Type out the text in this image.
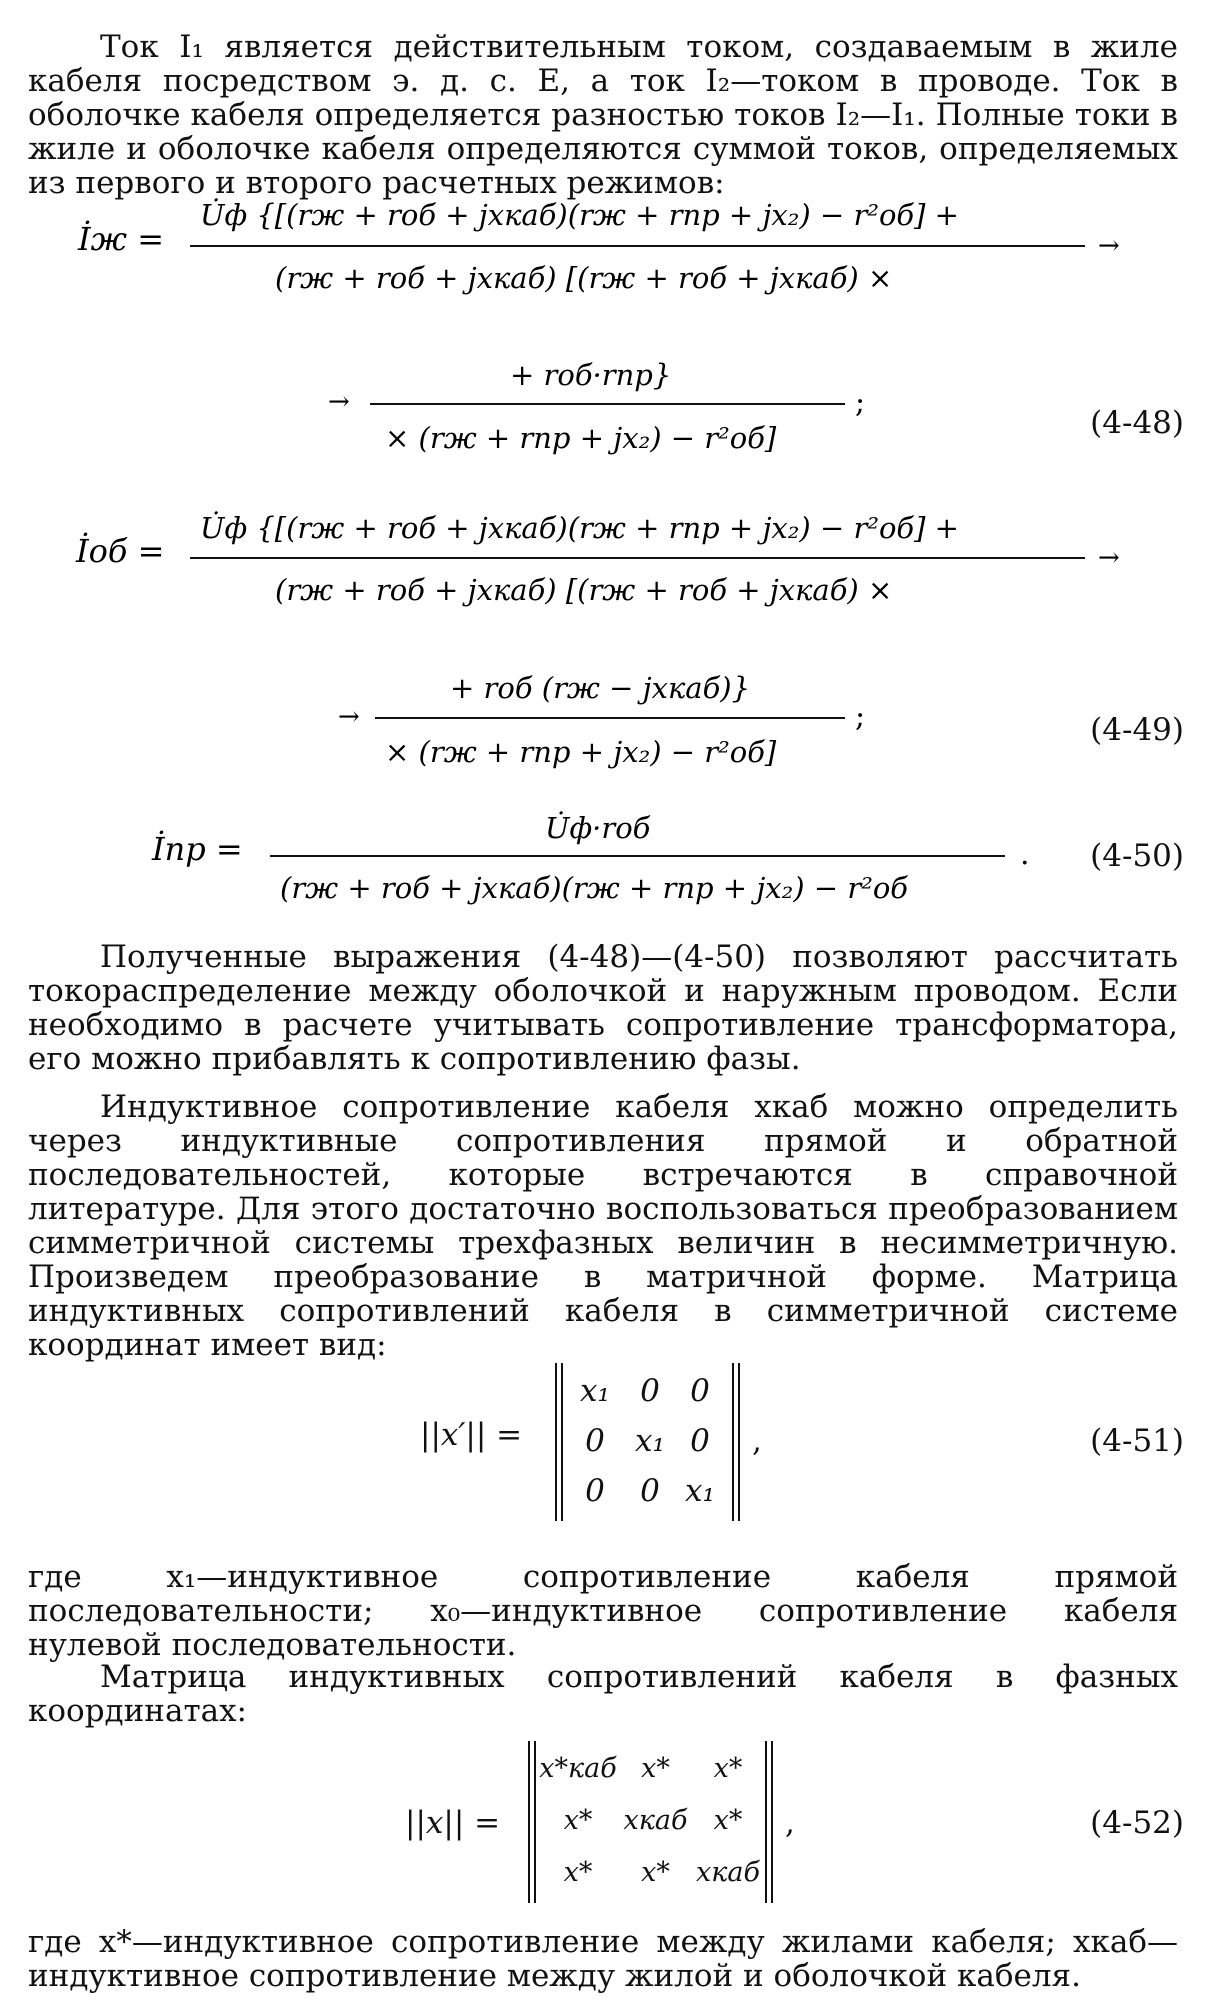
Ток I₁ является действительным током, создаваемым в жиле кабеля посредством э. д. с. E, а ток I₂—током в проводе. Ток в оболочке кабеля определяется разностью токов I₂—I₁. Полные токи в жиле и оболочке кабеля определяются суммой токов, определяемых из первого и второго расчетных режимов:

İж =
U̇ф {[(rж + rоб + jxкаб)(rж + rпр + jx₂) − r²об] +
→
(rж + rоб + jxкаб) [(rж + rоб + jxкаб) ×
→
+ rоб·rпр}
;
× (rж + rпр + jx₂) − r²об]	(4-48)
İоб =
U̇ф {[(rж + rоб + jxкаб)(rж + rпр + jx₂) − r²об] +
→
(rж + rоб + jxкаб) [(rж + rоб + jxкаб) ×
→
+ rоб (rж − jxкаб)}
;
× (rж + rпр + jx₂) − r²об]
(4-49)
İпр =
U̇ф·rоб
.
(rж + rоб + jxкаб)(rж + rпр + jx₂) − r²об
(4-50)

Полученные выражения (4-48)—(4-50) позволяют рассчитать токораспределение между оболочкой и наружным проводом. Если необходимо в расчете учитывать сопротивление трансформатора, его можно прибавлять к сопротивлению фазы.

Индуктивное сопротивление кабеля xкаб можно определить через индуктивные сопротивления прямой и обратной последовательностей, которые встречаются в справочной литературе. Для этого достаточно воспользоваться преобразованием симметричной системы трехфазных величин в несимметричную. Произведем преобразование в матричной форме. Матрица индуктивных сопротивлений кабеля в симметричной системе координат имеет вид:

||x′|| =
x₁ 0 0
0 x₁ 0
0	0 x₁
,	(4-51)

где x₁—индуктивное сопротивление кабеля прямой последовательности; x₀—индуктивное сопротивление кабеля нулевой последовательности.

Матрица индуктивных сопротивлений кабеля в фазных координатах:

||x|| =
x*каб x*	x*
x*	xкаб x*
x*	x* xкаб
,	(4-52)

где x*—индуктивное сопротивление между жилами кабеля; xкаб—индуктивное сопротивление между жилой и оболочкой кабеля.
